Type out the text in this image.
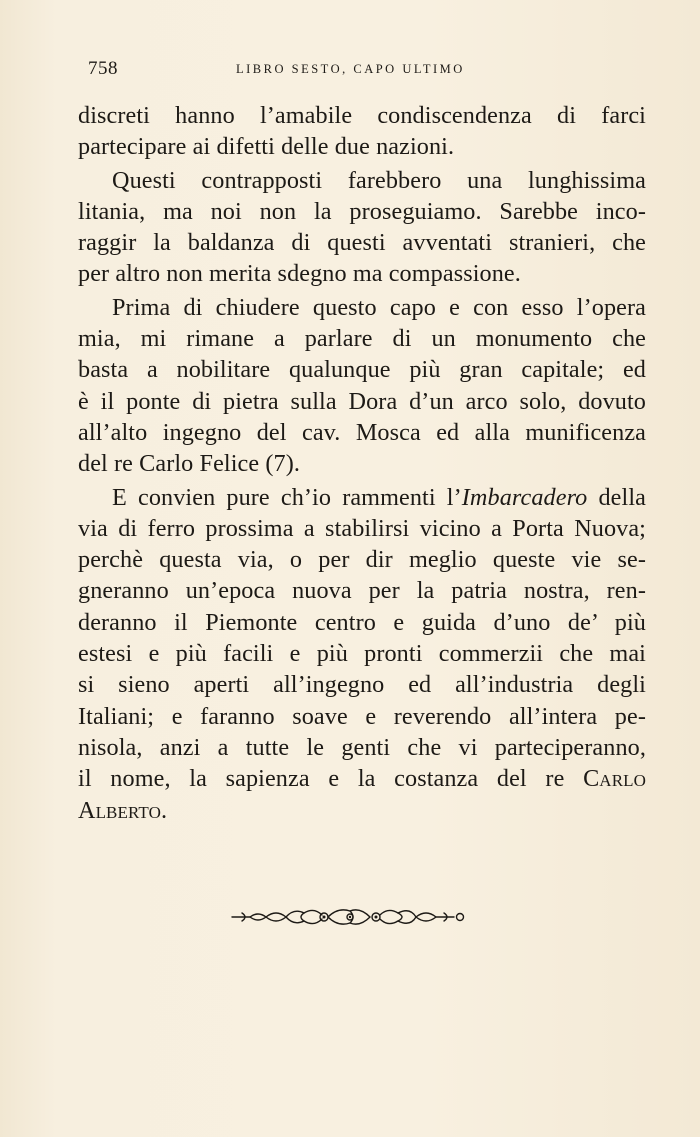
758	LIBRO SESTO, CAPO ULTIMO
discreti hanno l’amabile condiscendenza di farci
partecipare ai difetti delle due nazioni.
Questi contrapposti farebbero una lunghissima
litania, ma noi non la proseguiamo. Sarebbe inco-
raggir la baldanza di questi avventati stranieri, che
per altro non merita sdegno ma compassione.
Prima di chiudere questo capo e con esso l’opera
mia, mi rimane a parlare di un monumento che
basta a nobilitare qualunque più gran capitale; ed
è il ponte di pietra sulla Dora d’un arco solo, dovuto
all’alto ingegno del cav. Mosca ed alla munificenza
del re Carlo Felice (7).
E convien pure ch’io rammenti l’Imbarcadero della
via di ferro prossima a stabilirsi vicino a Porta Nuova;
perchè questa via, o per dir meglio queste vie se-
gneranno un’epoca nuova per la patria nostra, ren-
deranno il Piemonte centro e guida d’uno de’ più
estesi e più facili e più pronti commerzii che mai
si sieno aperti all’ingegno ed all’industria degli
Italiani; e faranno soave e reverendo all’intera pe-
nisola, anzi a tutte le genti che vi parteciperanno,
il nome, la sapienza e la costanza del re Carlo
Alberto.
